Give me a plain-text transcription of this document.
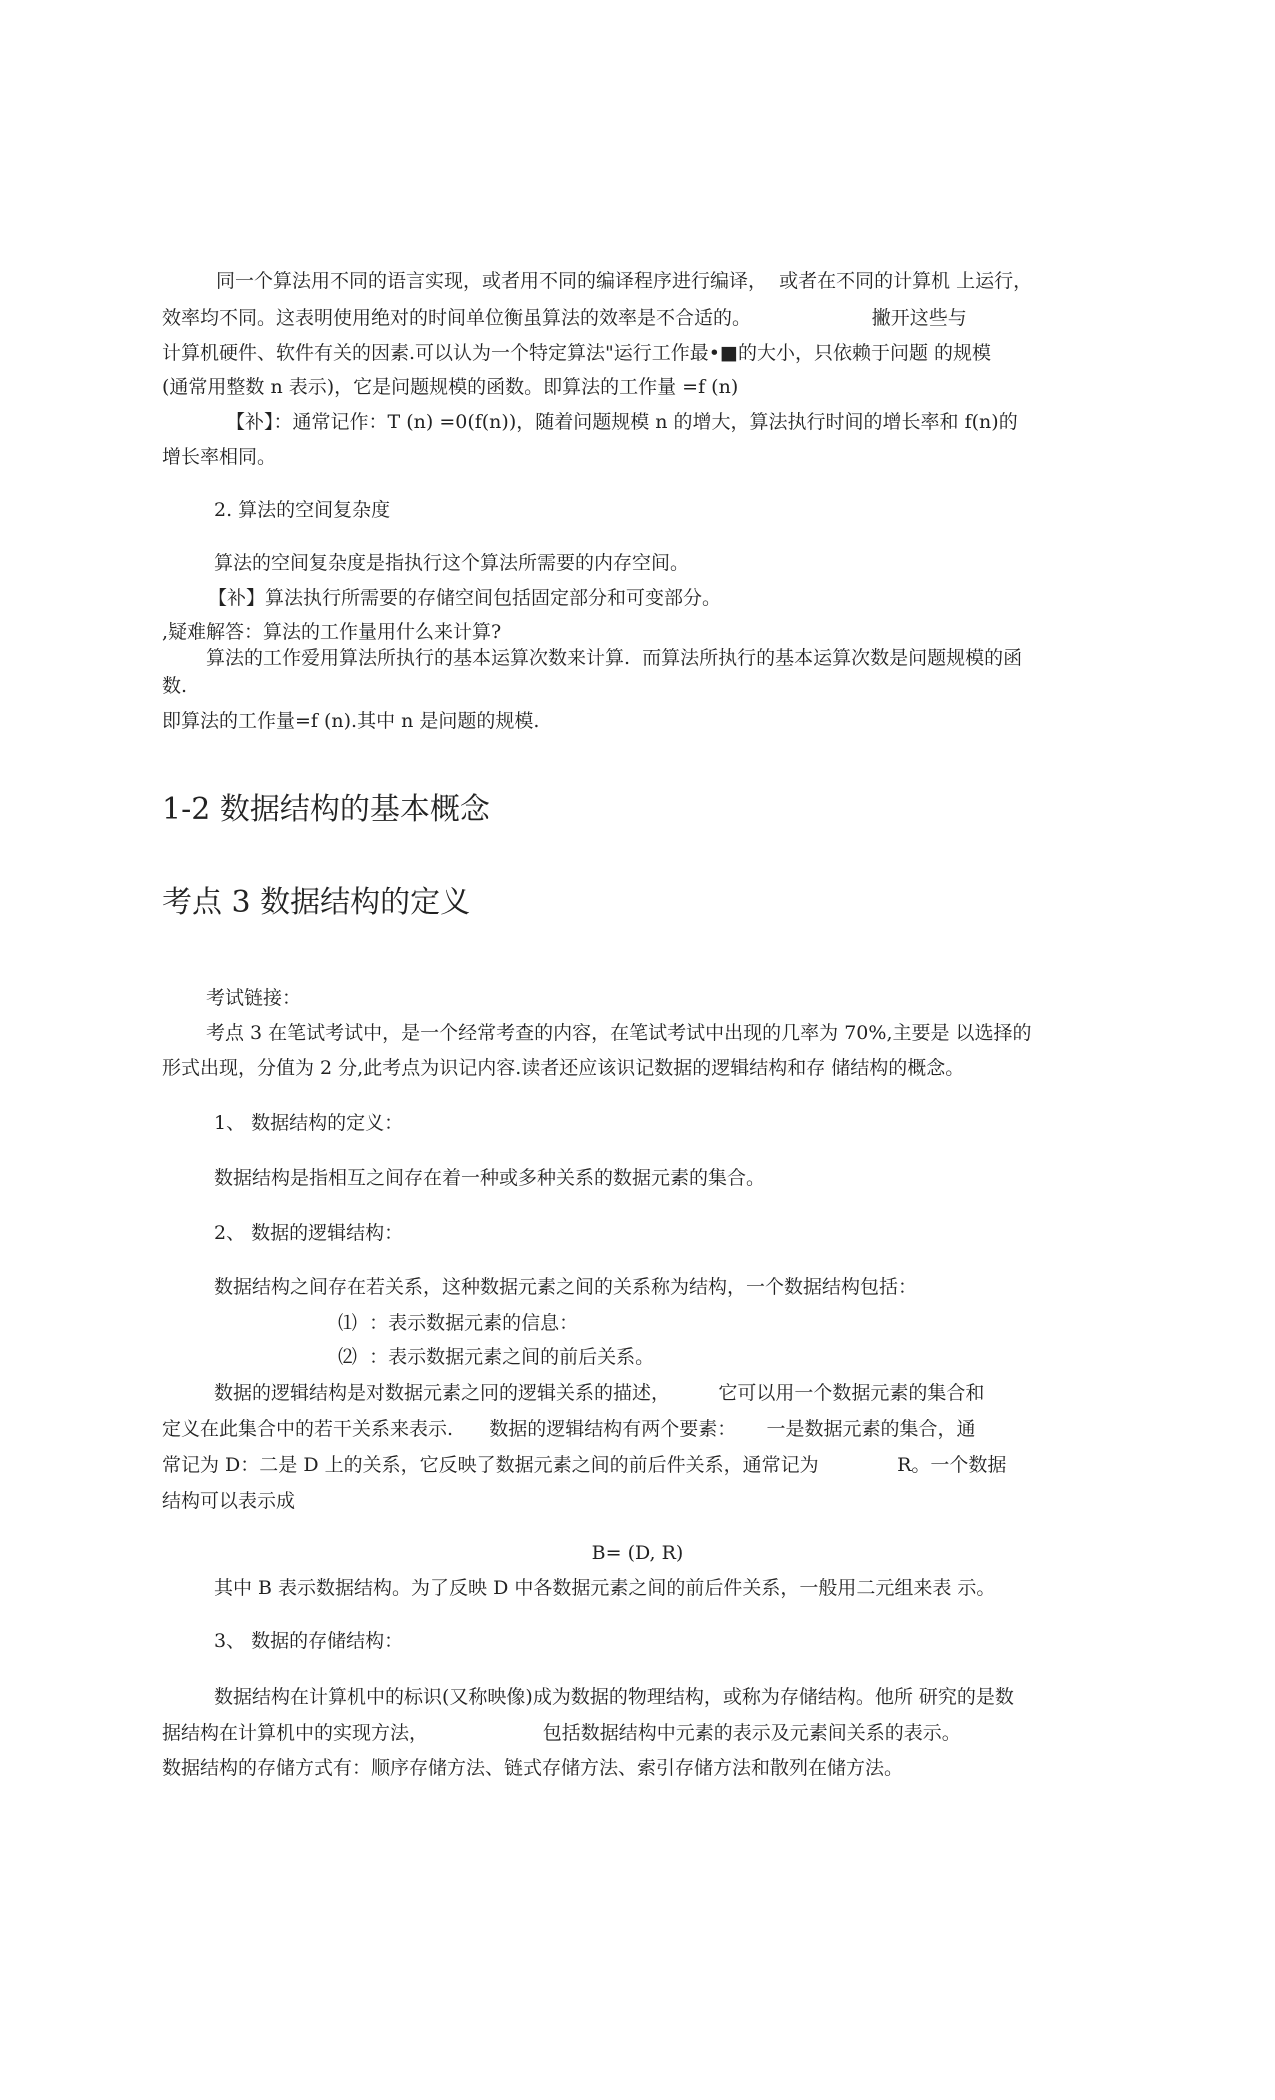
同一个算法用不同的语言实现，或者用不同的编译程序进行编译，  或者在不同的计算机 上运行，
效率均不同。这表明使用绝对的时间单位衡虽算法的效率是不合适的。                    撇开这些与
计算机硬件、软件有关的因素.可以认为一个特定算法"运行工作最•■的大小，只依赖于问题 的规模
(通常用整数 n 表示)，它是问题规模的函数。即算法的工作量 =f (n)
【补】：通常记作：T (n) =0(f(n))，随着问题规模 n 的增大，算法执行时间的增长率和 f(n)的
增长率相同。
2. 算法的空间复杂度
算法的空间复杂度是指执行这个算法所需要的内存空间。
【补】算法执行所需要的存储空间包括固定部分和可变部分。
,疑难解答：算法的工作量用什么来计算?
算法的工作爱用算法所执行的基本运算次数来计算.  而算法所执行的基本运算次数是问题规模的函
数.
即算法的工作量=f (n).其中 n 是问题的规模.
1-2 数据结构的基本概念
考点 3 数据结构的定义
考试链接：
考点 3 在笔试考试中，是一个经常考查的内容，在笔试考试中出现的几率为 70%,主要是 以选择的
形式出现，分值为 2 分,此考点为识记内容.读者还应该识记数据的逻辑结构和存 储结构的概念。
1、 数据结构的定义：
数据结构是指相互之间存在着一种或多种关系的数据元素的集合。
2、 数据的逻辑结构：
数据结构之间存在若关系，这种数据元素之间的关系称为结构，一个数据结构包括：
⑴  ：表示数据元素的信息：
⑵  ：表示数据元素之间的前后关系。
数据的逻辑结构是对数据元素之冋的逻辑关系的描述，        它可以用一个数据元素的集合和
定义在此集合中的若干关系来表示.      数据的逻辑结构有两个要素：     一是数据元素的集合，通
常记为 D：二是 D 上的关系，它反映了数据元素之间的前后件关系，通常记为             R。一个数据
结构可以表示成
B= (D, R)
其中 B 表示数据结构。为了反映 D 中各数据元素之间的前后件关系，一般用二元组来表 示。
3、 数据的存储结构：
数据结构在计算机中的标识(又称映像)成为数据的物理结构，或称为存储结构。他所 研究的是数
据结构在计算机中的实现方法，                   包括数据结构中元素的表示及元素间关系的表示。
数据结构的存储方式有：顺序存储方法、链式存储方法、索引存储方法和散列在储方法。
